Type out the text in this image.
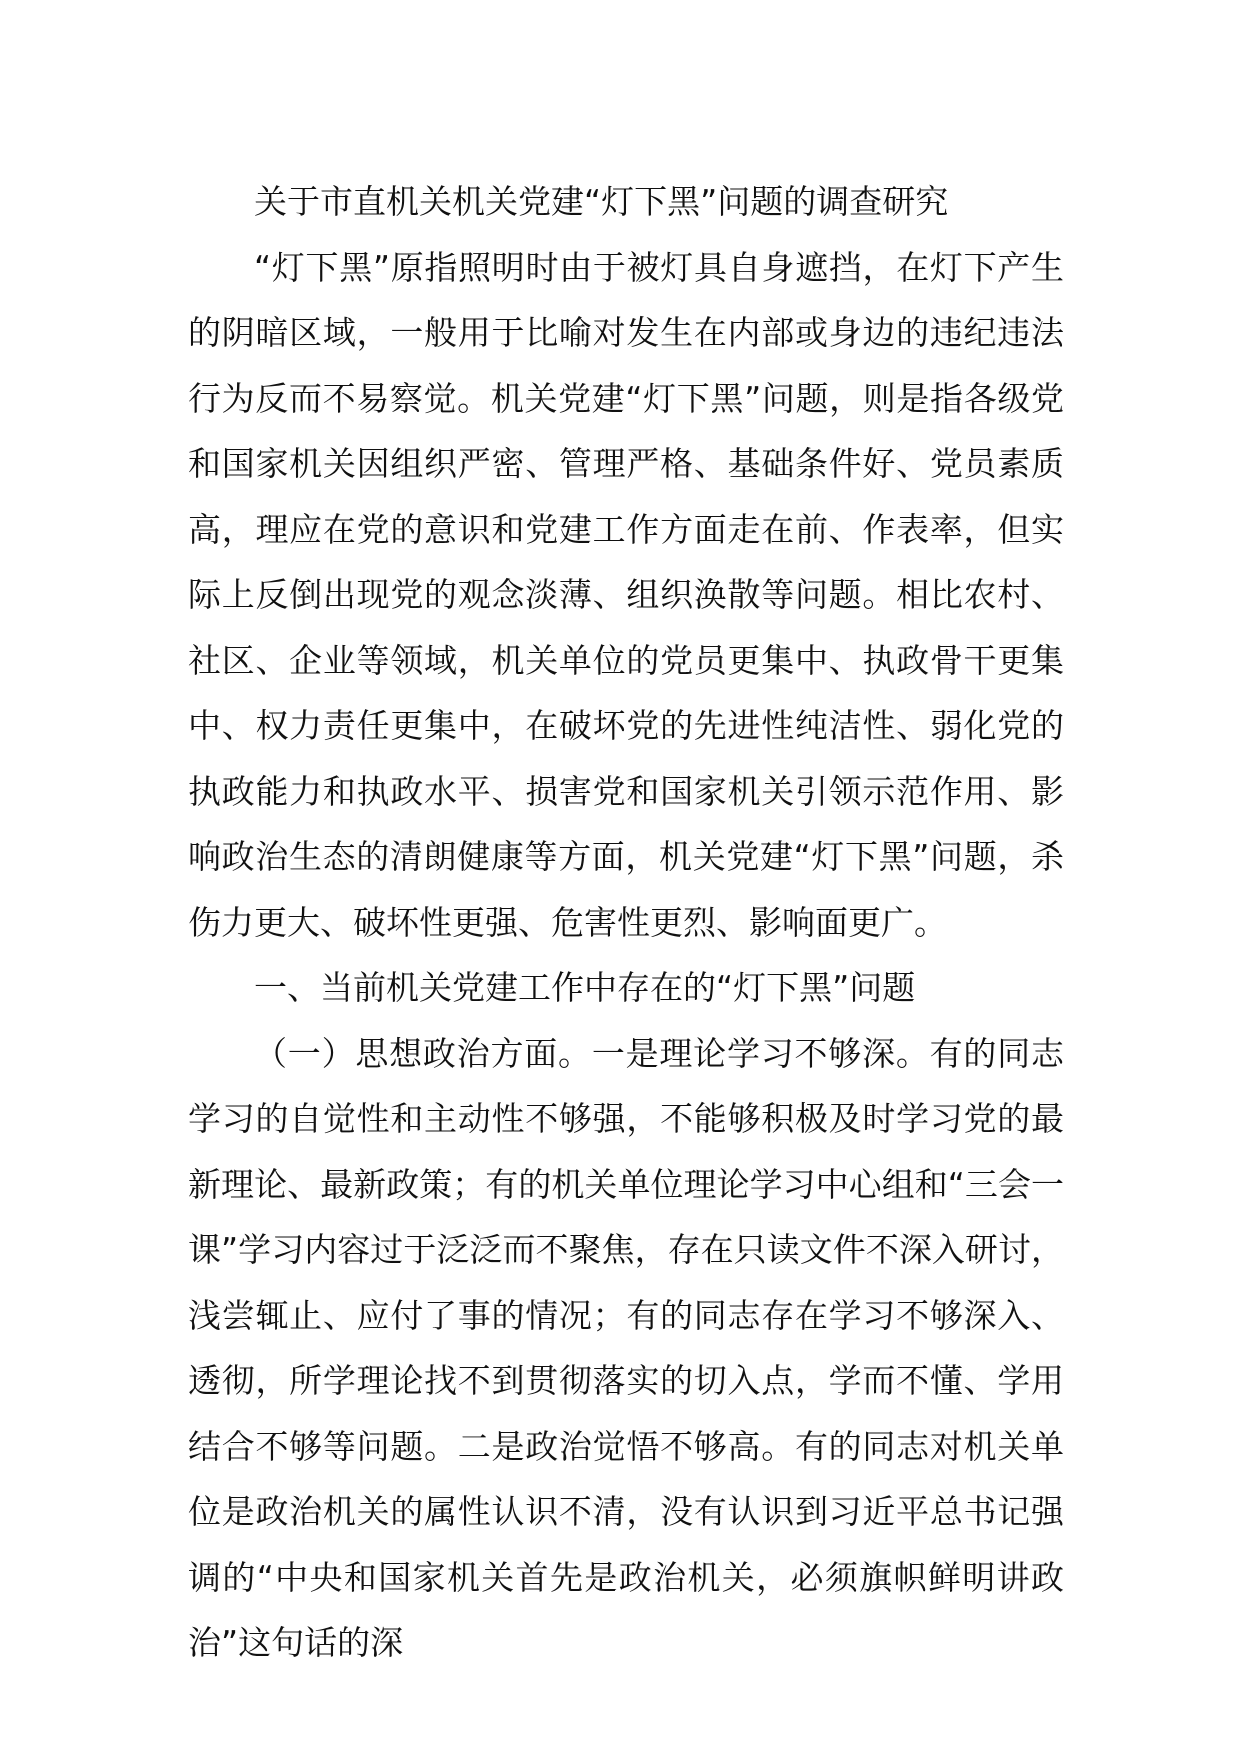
关于市直机关机关党建“灯下黑”问题的调查研究

“灯下黑”原指照明时由于被灯具自身遮挡，在灯下产生的阴暗区域，一般用于比喻对发生在内部或身边的违纪违法行为反而不易察觉。机关党建“灯下黑”问题，则是指各级党和国家机关因组织严密、管理严格、基础条件好、党员素质高，理应在党的意识和党建工作方面走在前、作表率，但实际上反倒出现党的观念淡薄、组织涣散等问题。相比农村、社区、企业等领域，机关单位的党员更集中、执政骨干更集中、权力责任更集中，在破坏党的先进性纯洁性、弱化党的执政能力和执政水平、损害党和国家机关引领示范作用、影响政治生态的清朗健康等方面，机关党建“灯下黑”问题，杀伤力更大、破坏性更强、危害性更烈、影响面更广。

一、当前机关党建工作中存在的“灯下黑”问题

（一）思想政治方面。一是理论学习不够深。有的同志学习的自觉性和主动性不够强，不能够积极及时学习党的最新理论、最新政策；有的机关单位理论学习中心组和“三会一课”学习内容过于泛泛而不聚焦，存在只读文件不深入研讨，浅尝辄止、应付了事的情况；有的同志存在学习不够深入、透彻，所学理论找不到贯彻落实的切入点，学而不懂、学用结合不够等问题。二是政治觉悟不够高。有的同志对机关单位是政治机关的属性认识不清，没有认识到习近平总书记强调的“中央和国家机关首先是政治机关，必须旗帜鲜明讲政治”这句话的深
